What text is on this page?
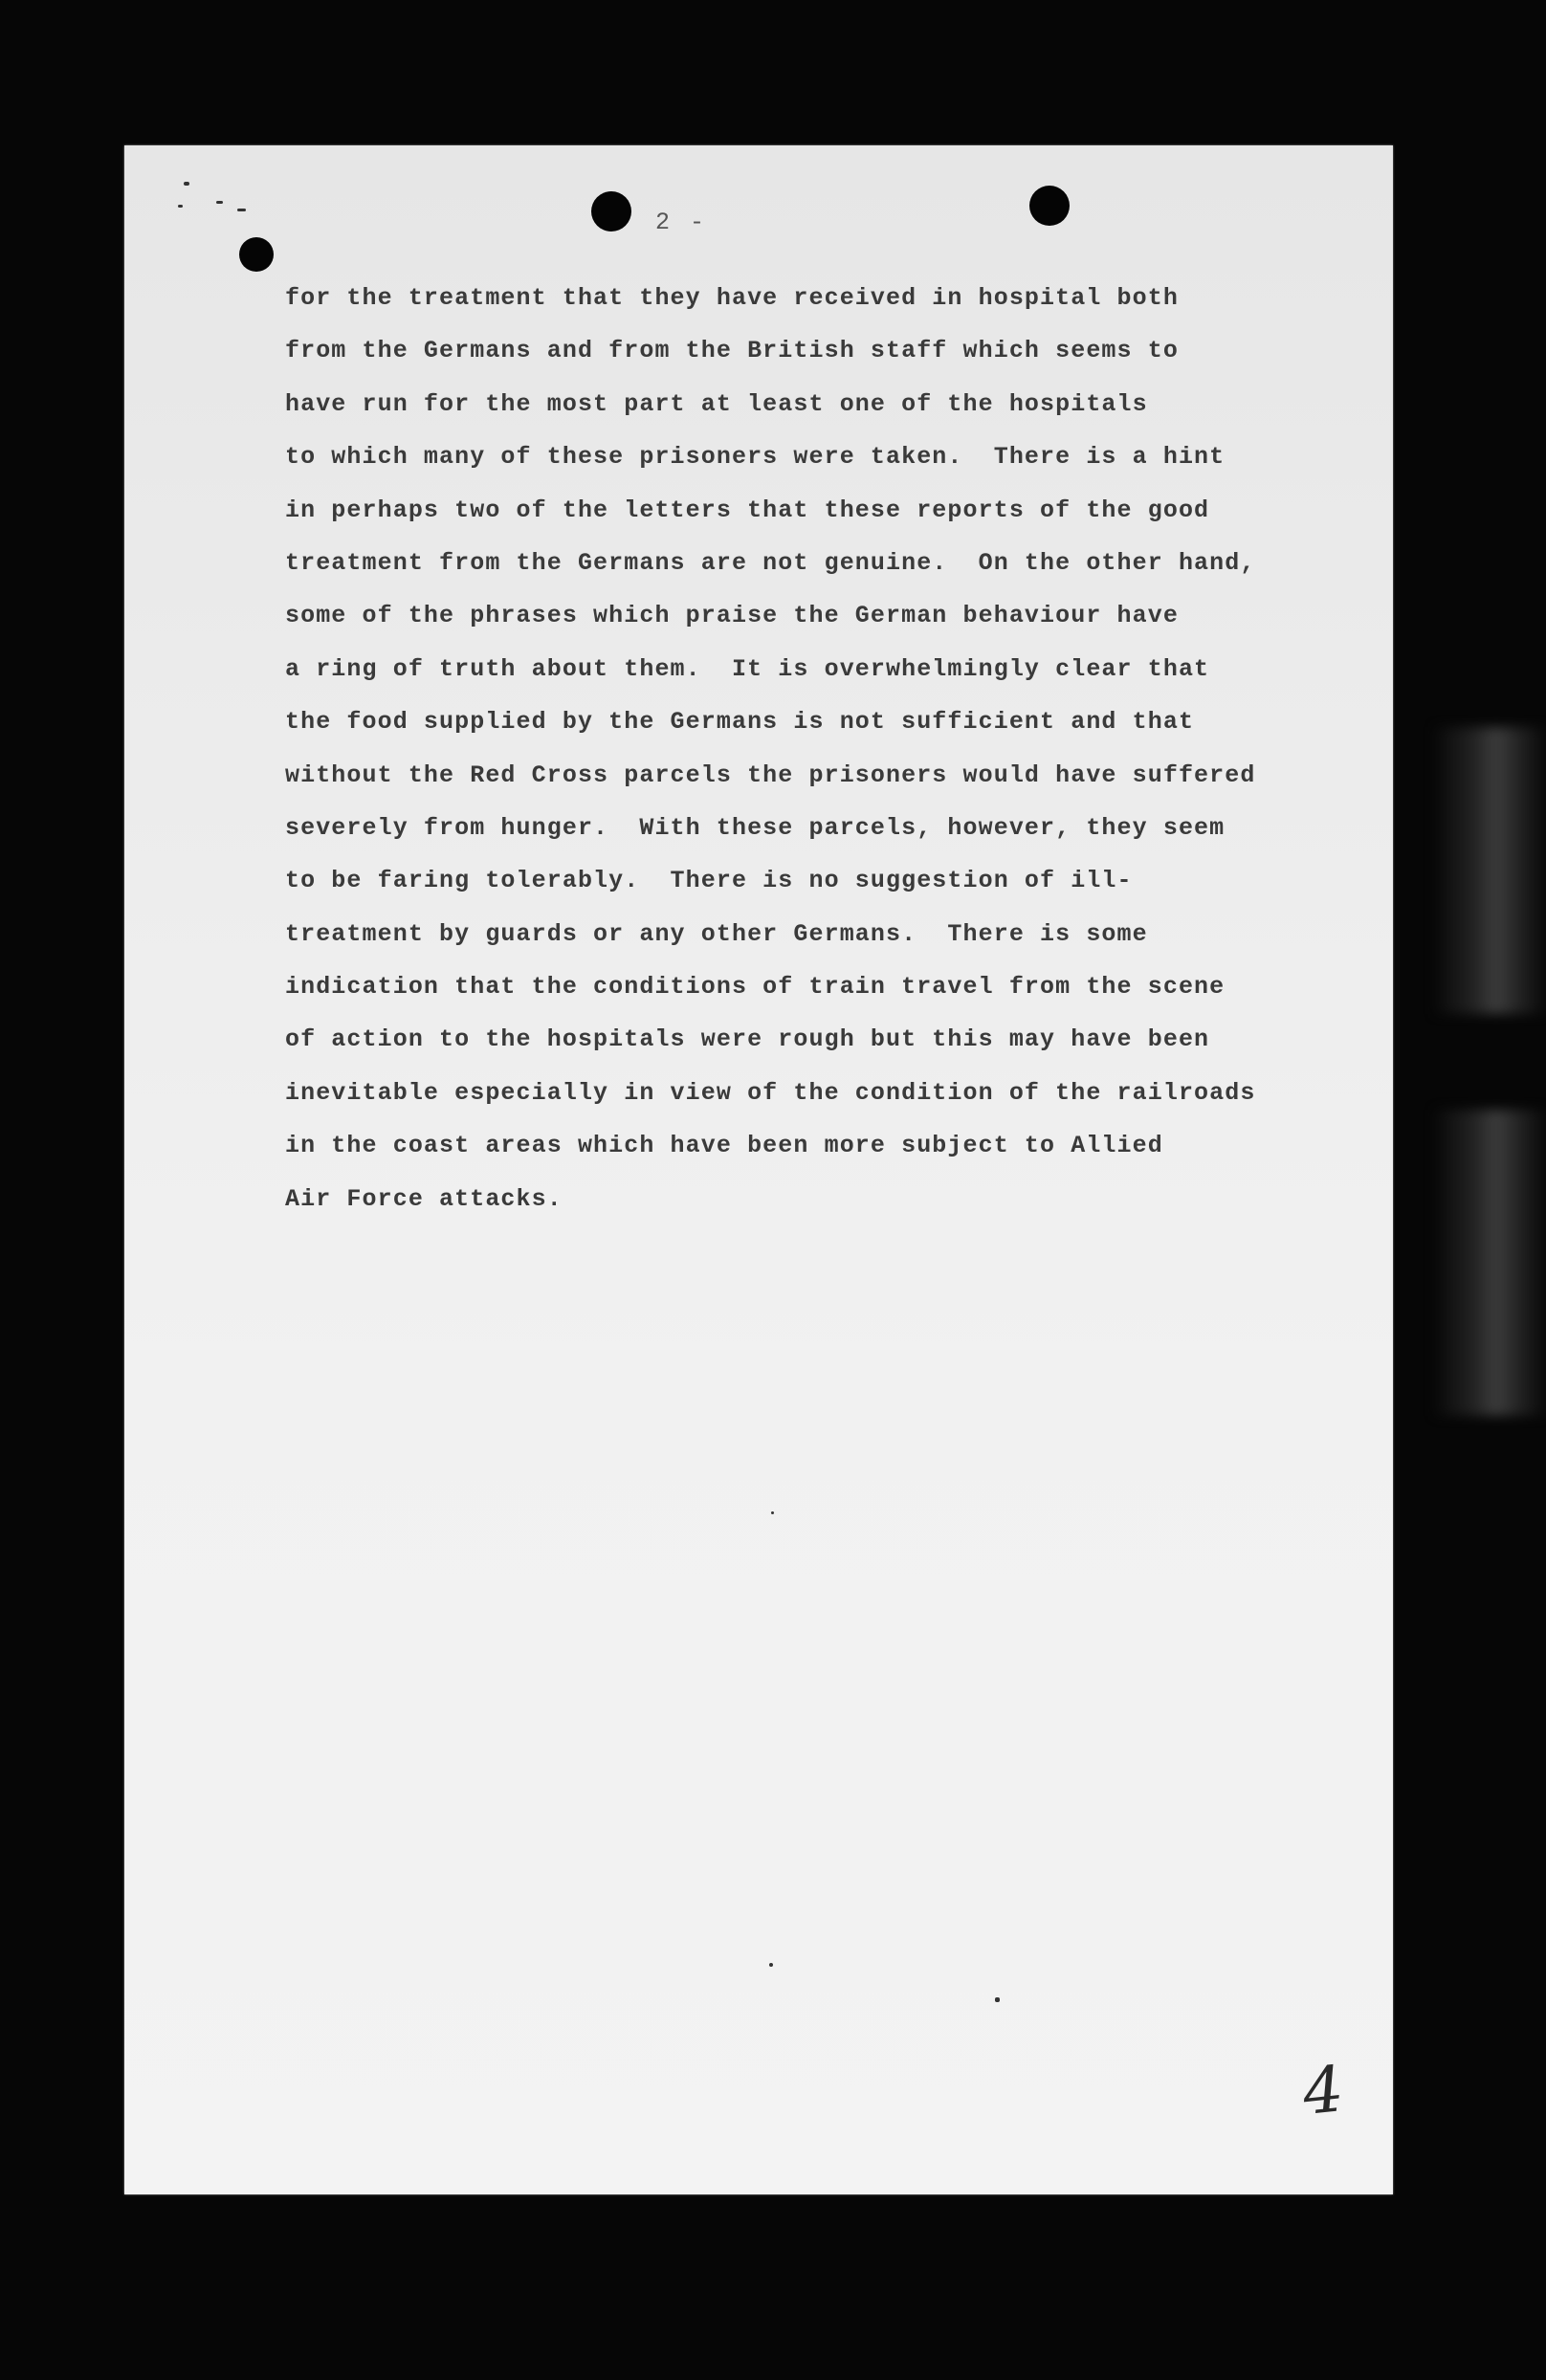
2 -

for the treatment that they have received in hospital both
from the Germans and from the British staff which seems to
have run for the most part at least one of the hospitals
to which many of these prisoners were taken.  There is a hint
in perhaps two of the letters that these reports of the good
treatment from the Germans are not genuine.  On the other hand,
some of the phrases which praise the German behaviour have
a ring of truth about them.  It is overwhelmingly clear that
the food supplied by the Germans is not sufficient and that
without the Red Cross parcels the prisoners would have suffered
severely from hunger.  With these parcels, however, they seem
to be faring tolerably.  There is no suggestion of ill-
treatment by guards or any other Germans.  There is some
indication that the conditions of train travel from the scene
of action to the hospitals were rough but this may have been
inevitable especially in view of the condition of the railroads
in the coast areas which have been more subject to Allied
Air Force attacks.
4
